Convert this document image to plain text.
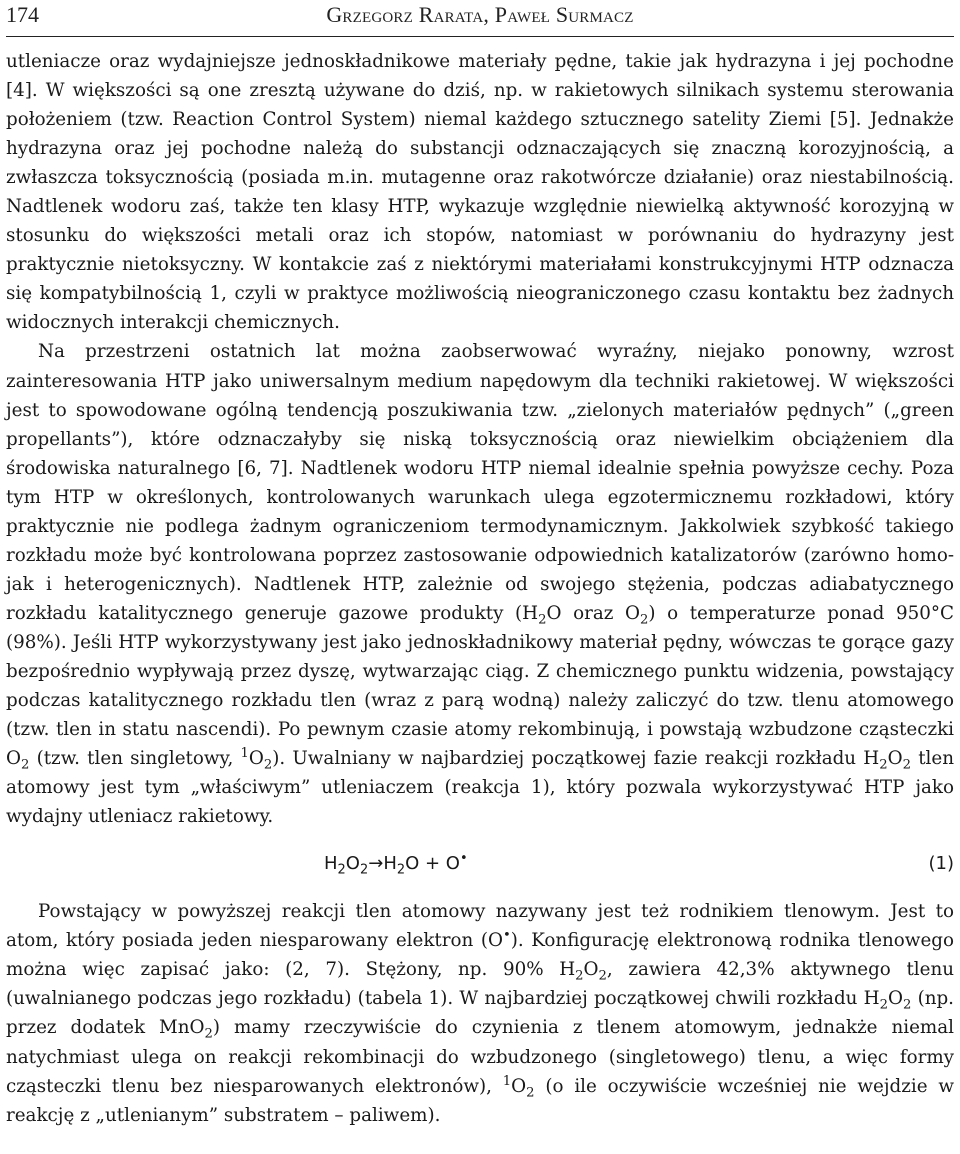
174	Grzegorz Rarata, Paweł Surmacz

utleniacze oraz wydajniejsze jednoskładnikowe materiały pędne, takie jak hydrazyna i jej pochodne [4]. W większości są one zresztą używane do dziś, np. w rakietowych silnikach systemu sterowania położeniem (tzw. Reaction Control System) niemal każdego sztucznego satelity Ziemi [5]. Jednakże hydrazyna oraz jej pochodne należą do substancji odznaczających się znaczną korozyjnością, a zwłaszcza toksycznością (posiada m.in. mutagenne oraz rakotwórcze działanie) oraz niestabilnością. Nadtlenek wodoru zaś, także ten klasy HTP, wykazuje względnie niewielką aktywność korozyjną w stosunku do większości metali oraz ich stopów, natomiast w porównaniu do hydrazyny jest praktycznie nietoksyczny. W kontakcie zaś z niektórymi materiałami konstrukcyjnymi HTP odznacza się kompatybilnością 1, czyli w praktyce możliwością nieograniczonego czasu kontaktu bez żadnych widocznych interakcji chemicznych.

Na przestrzeni ostatnich lat można zaobserwować wyraźny, niejako ponowny, wzrost zainteresowania HTP jako uniwersalnym medium napędowym dla techniki rakietowej. W większości jest to spowodowane ogólną tendencją poszukiwania tzw. „zielonych materiałów pędnych” („green propellants”), które odznaczałyby się niską toksycznością oraz niewielkim obciążeniem dla środowiska naturalnego [6, 7]. Nadtlenek wodoru HTP niemal idealnie spełnia powyższe cechy. Poza tym HTP w określonych, kontrolowanych warunkach ulega egzotermicznemu rozkładowi, który praktycznie nie podlega żadnym ograniczeniom termodynamicznym. Jakkolwiek szybkość takiego rozkładu może być kontrolowana poprzez zastosowanie odpowiednich katalizatorów (zarówno homo- jak i heterogenicznych). Nadtlenek HTP, zależnie od swojego stężenia, podczas adiabatycznego rozkładu katalitycznego generuje gazowe produkty ($H_2O$ oraz $O_2$) o temperaturze ponad 950°C (98%). Jeśli HTP wykorzystywany jest jako jednoskładnikowy materiał pędny, wówczas te gorące gazy bezpośrednio wypływają przez dyszę, wytwarzając ciąg. Z chemicznego punktu widzenia, powstający podczas katalitycznego rozkładu tlen (wraz z parą wodną) należy zaliczyć do tzw. tlenu atomowego (tzw. tlen in statu nascendi). Po pewnym czasie atomy rekombinują, i powstają wzbudzone cząsteczki $O_2$ (tzw. tlen singletowy, $^1O_2$). Uwalniany w najbardziej początkowej fazie reakcji rozkładu $H_2O_2$ tlen atomowy jest tym „właściwym” utleniaczem (reakcja 1), który pozwala wykorzystywać HTP jako wydajny utleniacz rakietowy.

$H_2O_2\to H_2O + O^•$	(1)

Powstający w powyższej reakcji tlen atomowy nazywany jest też rodnikiem tlenowym. Jest to atom, który posiada jeden niesparowany elektron (O•). Konfigurację elektronową rodnika tlenowego można więc zapisać jako: (2, 7). Stężony, np. 90% $H_2O_2$, zawiera 42,3% aktywnego tlenu (uwalnianego podczas jego rozkładu) (tabela 1). W najbardziej początkowej chwili rozkładu $H_2O_2$ (np. przez dodatek MnO$_2$) mamy rzeczywiście do czynienia z tlenem atomowym, jednakże niemal natychmiast ulega on reakcji rekombinacji do wzbudzonego (singletowego) tlenu, a więc formy cząsteczki tlenu bez niesparowanych elektronów), $^1O_2$ (o ile oczywiście wcześniej nie wejdzie w reakcję z „utlenianym” substratem – paliwem).
